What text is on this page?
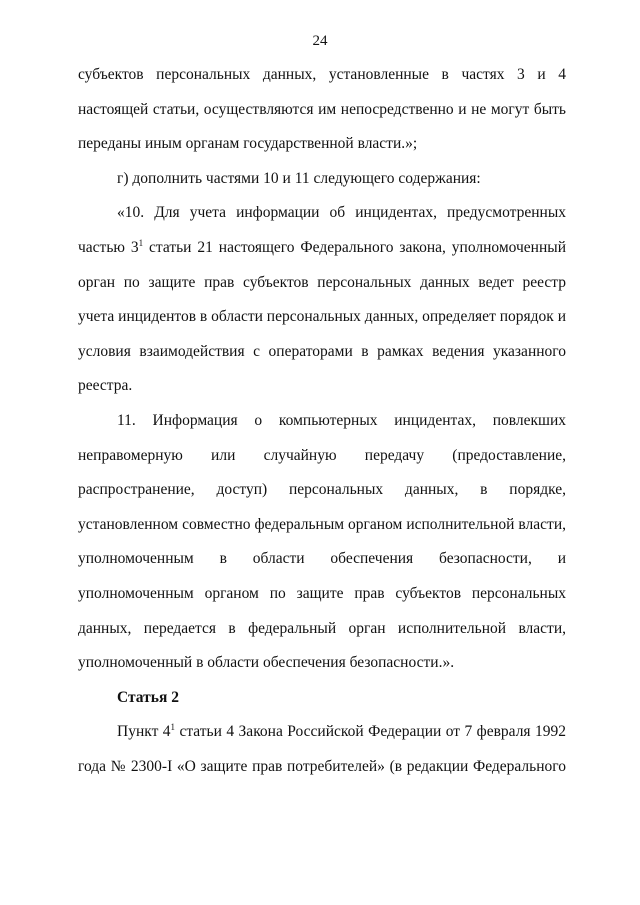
24

субъектов персональных данных, установленные в частях 3 и 4 настоящей статьи, осуществляются им непосредственно и не могут быть переданы иным органам государственной власти.»;

г) дополнить частями 10 и 11 следующего содержания:

«10. Для учета информации об инцидентах, предусмотренных частью $3^1$ статьи 21 настоящего Федерального закона, уполномоченный орган по защите прав субъектов персональных данных ведет реестр учета инцидентов в области персональных данных, определяет порядок и условия взаимодействия с операторами в рамках ведения указанного реестра.

11. Информация о компьютерных инцидентах, повлекших неправомерную или случайную передачу (предоставление, распространение, доступ) персональных данных, в порядке, установленном совместно федеральным органом исполнительной власти, уполномоченным в области обеспечения безопасности, и уполномоченным органом по защите прав субъектов персональных данных, передается в федеральный орган исполнительной власти, уполномоченный в области обеспечения безопасности.».

Статья 2

Пункт $4^1$ статьи 4 Закона Российской Федерации от 7 февраля 1992 года № 2300-I «О защите прав потребителей» (в редакции Федерального
